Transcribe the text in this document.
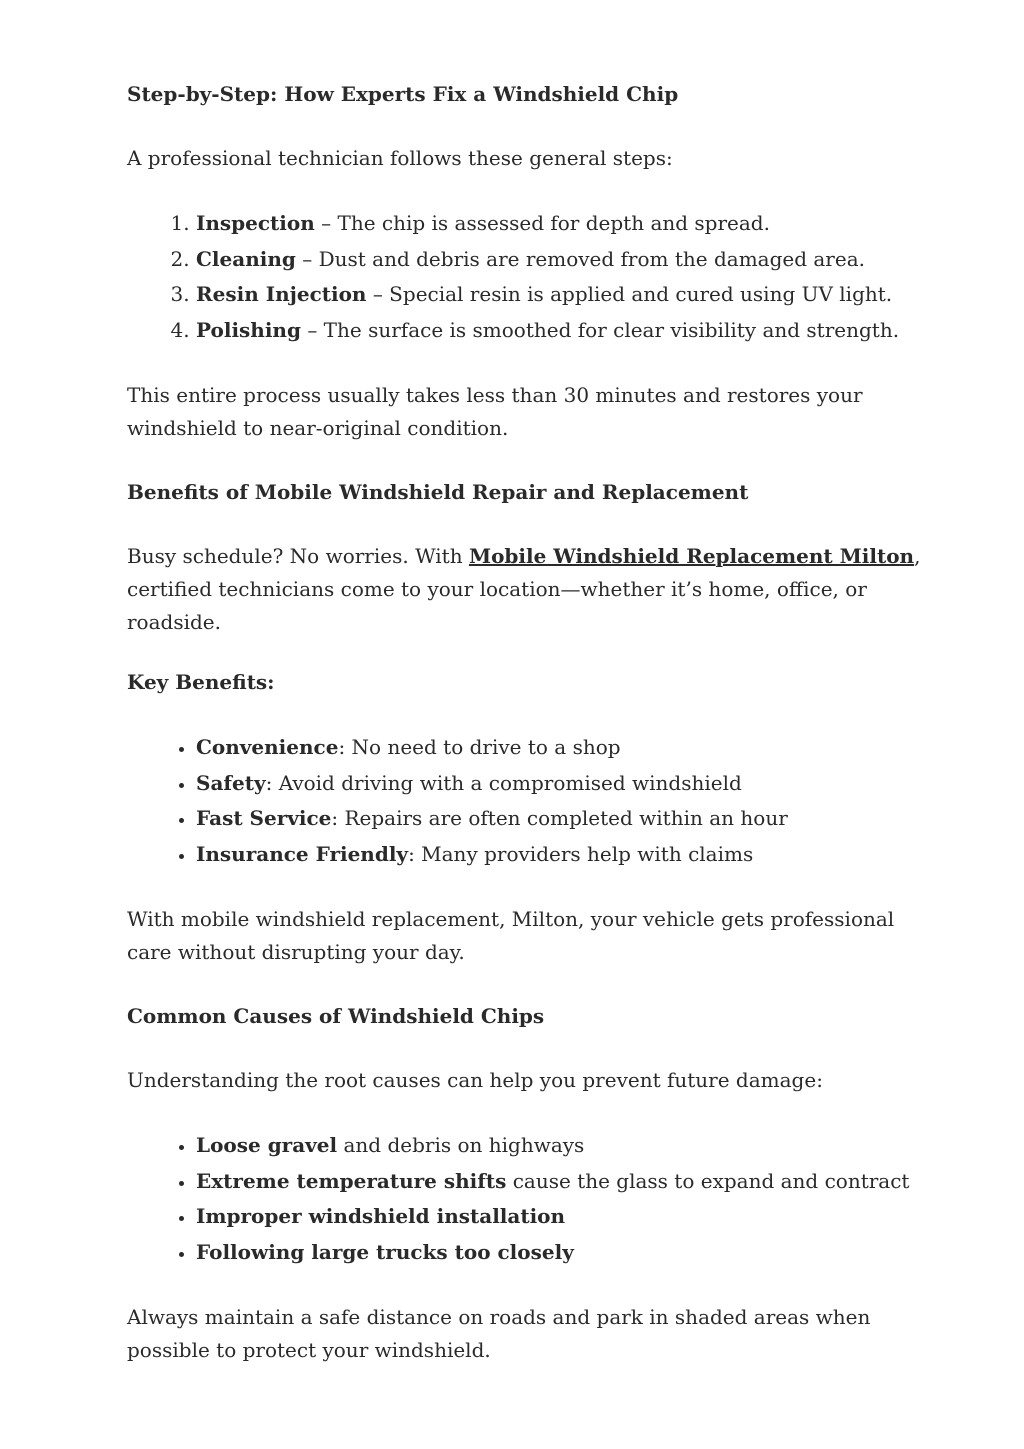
Step-by-Step: How Experts Fix a Windshield Chip

A professional technician follows these general steps:

1. Inspection – The chip is assessed for depth and spread.
2. Cleaning – Dust and debris are removed from the damaged area.
3. Resin Injection – Special resin is applied and cured using UV light.
4. Polishing – The surface is smoothed for clear visibility and strength.

This entire process usually takes less than 30 minutes and restores your windshield to near-original condition.

Benefits of Mobile Windshield Repair and Replacement

Busy schedule? No worries. With Mobile Windshield Replacement Milton, certified technicians come to your location—whether it’s home, office, or roadside.

Key Benefits:

• Convenience: No need to drive to a shop
• Safety: Avoid driving with a compromised windshield
• Fast Service: Repairs are often completed within an hour
• Insurance Friendly: Many providers help with claims

With mobile windshield replacement, Milton, your vehicle gets professional care without disrupting your day.

Common Causes of Windshield Chips

Understanding the root causes can help you prevent future damage:

• Loose gravel and debris on highways
• Extreme temperature shifts cause the glass to expand and contract
• Improper windshield installation
• Following large trucks too closely

Always maintain a safe distance on roads and park in shaded areas when possible to protect your windshield.
